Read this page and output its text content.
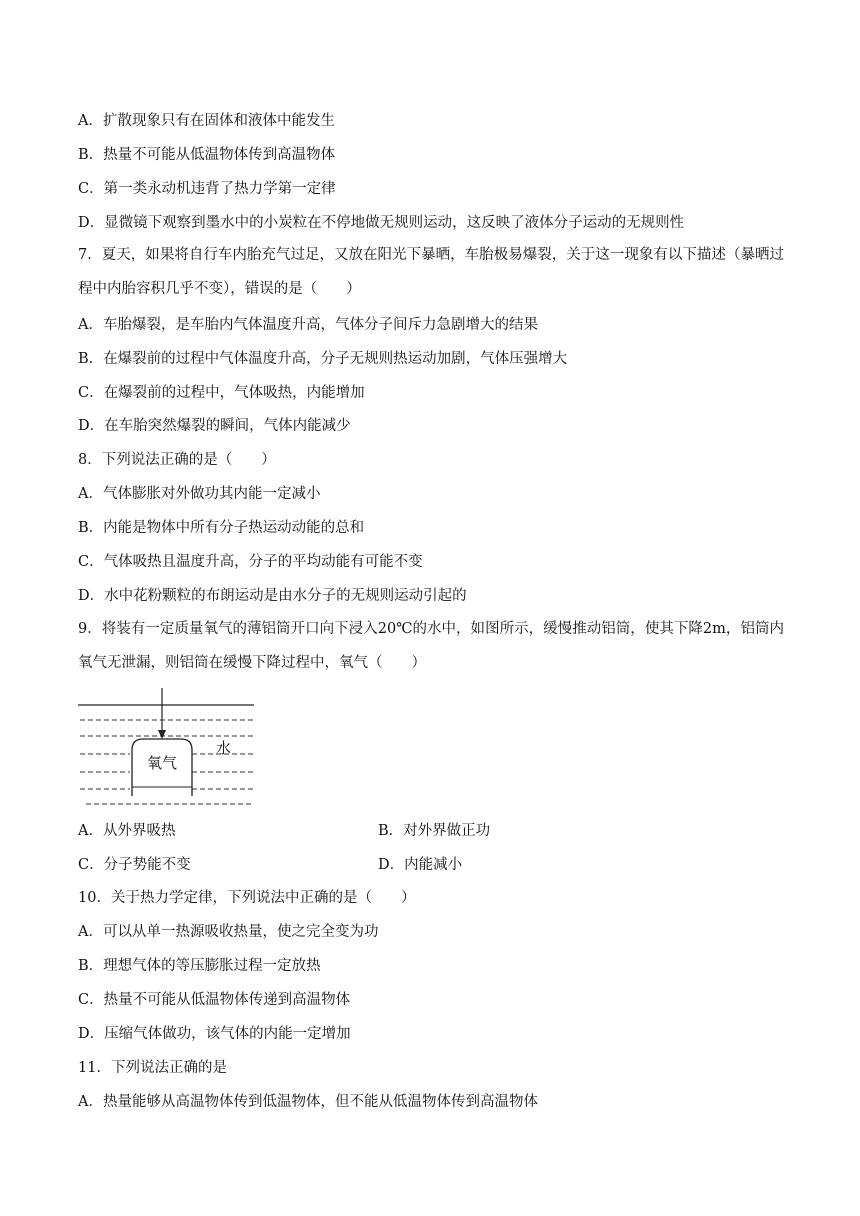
A．扩散现象只有在固体和液体中能发生
B．热量不可能从低温物体传到高温物体
C．第一类永动机违背了热力学第一定律
D．显微镜下观察到墨水中的小炭粒在不停地做无规则运动，这反映了液体分子运动的无规则性
7．夏天，如果将自行车内胎充气过足，又放在阳光下暴晒，车胎极易爆裂，关于这一现象有以下描述（暴晒过程中内胎容积几乎不变），错误的是（　　）
A．车胎爆裂，是车胎内气体温度升高，气体分子间斥力急剧增大的结果
B．在爆裂前的过程中气体温度升高，分子无规则热运动加剧，气体压强增大
C．在爆裂前的过程中，气体吸热，内能增加
D．在车胎突然爆裂的瞬间，气体内能减少
8．下列说法正确的是（　　）
A．气体膨胀对外做功其内能一定减小
B．内能是物体中所有分子热运动动能的总和
C．气体吸热且温度升高，分子的平均动能有可能不变
D．水中花粉颗粒的布朗运动是由水分子的无规则运动引起的
9．将装有一定质量氧气的薄铝筒开口向下浸入20℃的水中，如图所示，缓慢推动铝筒，使其下降2m，铝筒内氧气无泄漏，则铝筒在缓慢下降过程中，氧气（　　）
氧气
水
A．从外界吸热	B．对外界做正功
C．分子势能不变	D．内能减小
10．关于热力学定律，下列说法中正确的是（　　）
A．可以从单一热源吸收热量，使之完全变为功
B．理想气体的等压膨胀过程一定放热
C．热量不可能从低温物体传递到高温物体
D．压缩气体做功，该气体的内能一定增加
11．下列说法正确的是
A．热量能够从高温物体传到低温物体，但不能从低温物体传到高温物体
